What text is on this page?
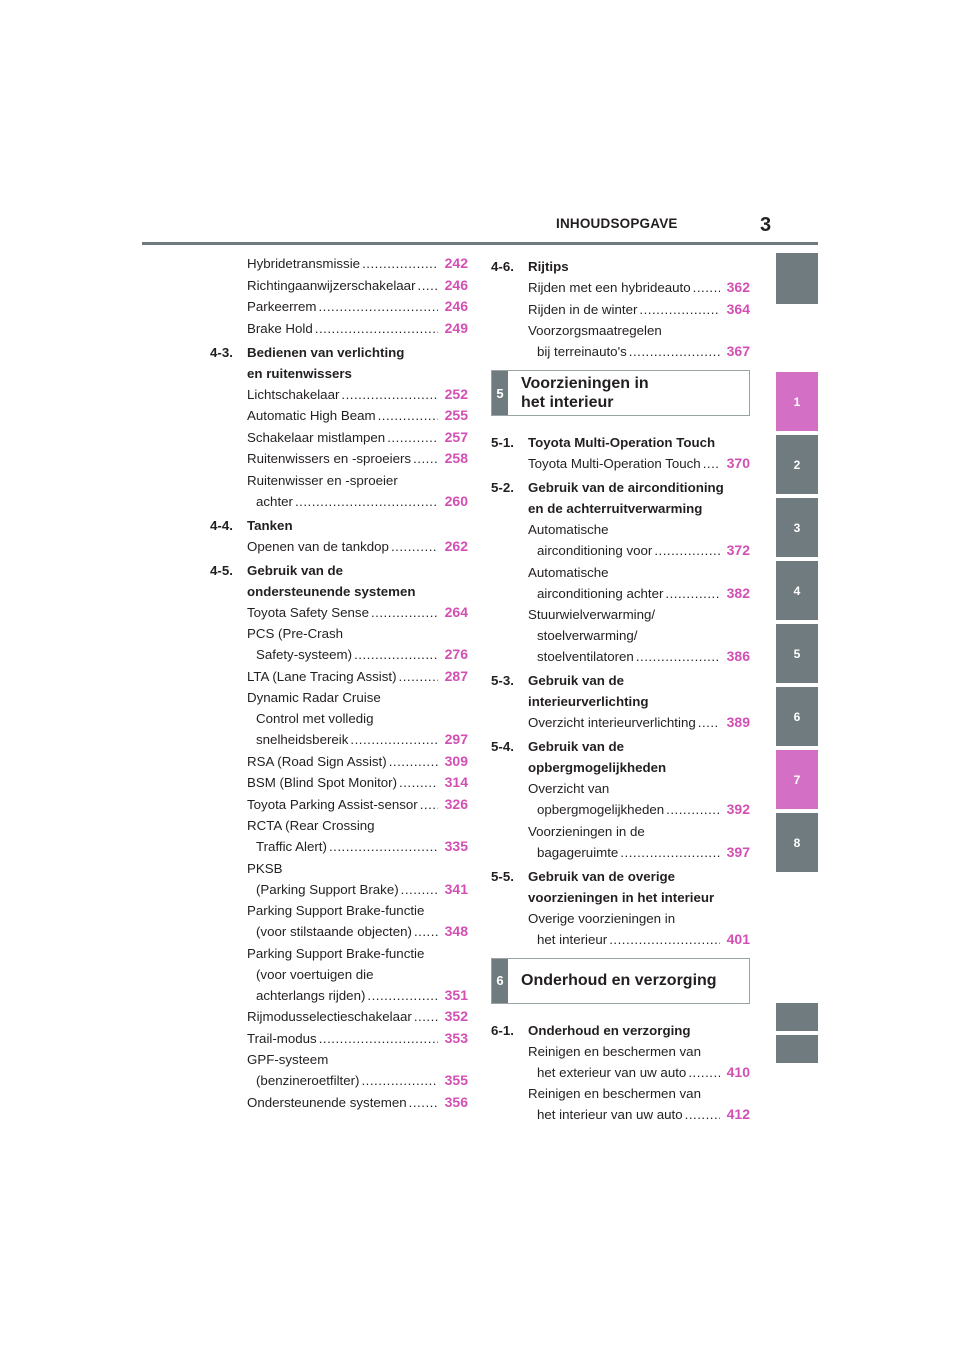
INHOUDSOPGAVE	3
1
2
3
4
5
6
7
8
Hybridetransmissie .....	242
Richtingaanwijzerschakelaar .....	246
Parkeerrem .....	246
Brake Hold .....	249
4-3.	Bedienen van verlichting
en ruitenwissers
Lichtschakelaar .....	252
Automatic High Beam .....	255
Schakelaar mistlampen .....	257
Ruitenwissers en -sproeiers .....	258
Ruitenwisser en -sproeier
achter .....	260
4-4.	Tanken
Openen van de tankdop .....	262
4-5.	Gebruik van de
ondersteunende systemen
Toyota Safety Sense .....	264
PCS (Pre-Crash
Safety-systeem) .....	276
LTA (Lane Tracing Assist) .....	287
Dynamic Radar Cruise
Control met volledig
snelheidsbereik .....	297
RSA (Road Sign Assist) .....	309
BSM (Blind Spot Monitor) .....	314
Toyota Parking Assist-sensor .....	326
RCTA (Rear Crossing
Traffic Alert) .....	335
PKSB
(Parking Support Brake) .....	341
Parking Support Brake-functie
(voor stilstaande objecten) .....	348
Parking Support Brake-functie
(voor voertuigen die
achterlangs rijden) .....	351
Rijmodusselectieschakelaar .....	352
Trail-modus .....	353
GPF-systeem
(benzineroetfilter) .....	355
Ondersteunende systemen .....	356
4-6.	Rijtips
Rijden met een hybrideauto .....	362
Rijden in de winter .....	364
Voorzorgsmaatregelen
bij terreinauto's .....	367
5
Voorzieningen in
het interieur
5-1.	Toyota Multi-Operation Touch
Toyota Multi-Operation Touch .....	370
5-2.	Gebruik van de airconditioning
en de achterruitverwarming
Automatische
airconditioning voor .....	372
Automatische
airconditioning achter .....	382
Stuurwielverwarming/
stoelverwarming/
stoelventilatoren .....	386
5-3.	Gebruik van de
interieurverlichting
Overzicht interieurverlichting .....	389
5-4.	Gebruik van de
opbergmogelijkheden
Overzicht van
opbergmogelijkheden .....	392
Voorzieningen in de
bagageruimte .....	397
5-5.	Gebruik van de overige
voorzieningen in het interieur
Overige voorzieningen in
het interieur .....	401
6 Onderhoud en verzorging
6-1.	Onderhoud en verzorging
Reinigen en beschermen van
het exterieur van uw auto .....	410
Reinigen en beschermen van
het interieur van uw auto .....	412
